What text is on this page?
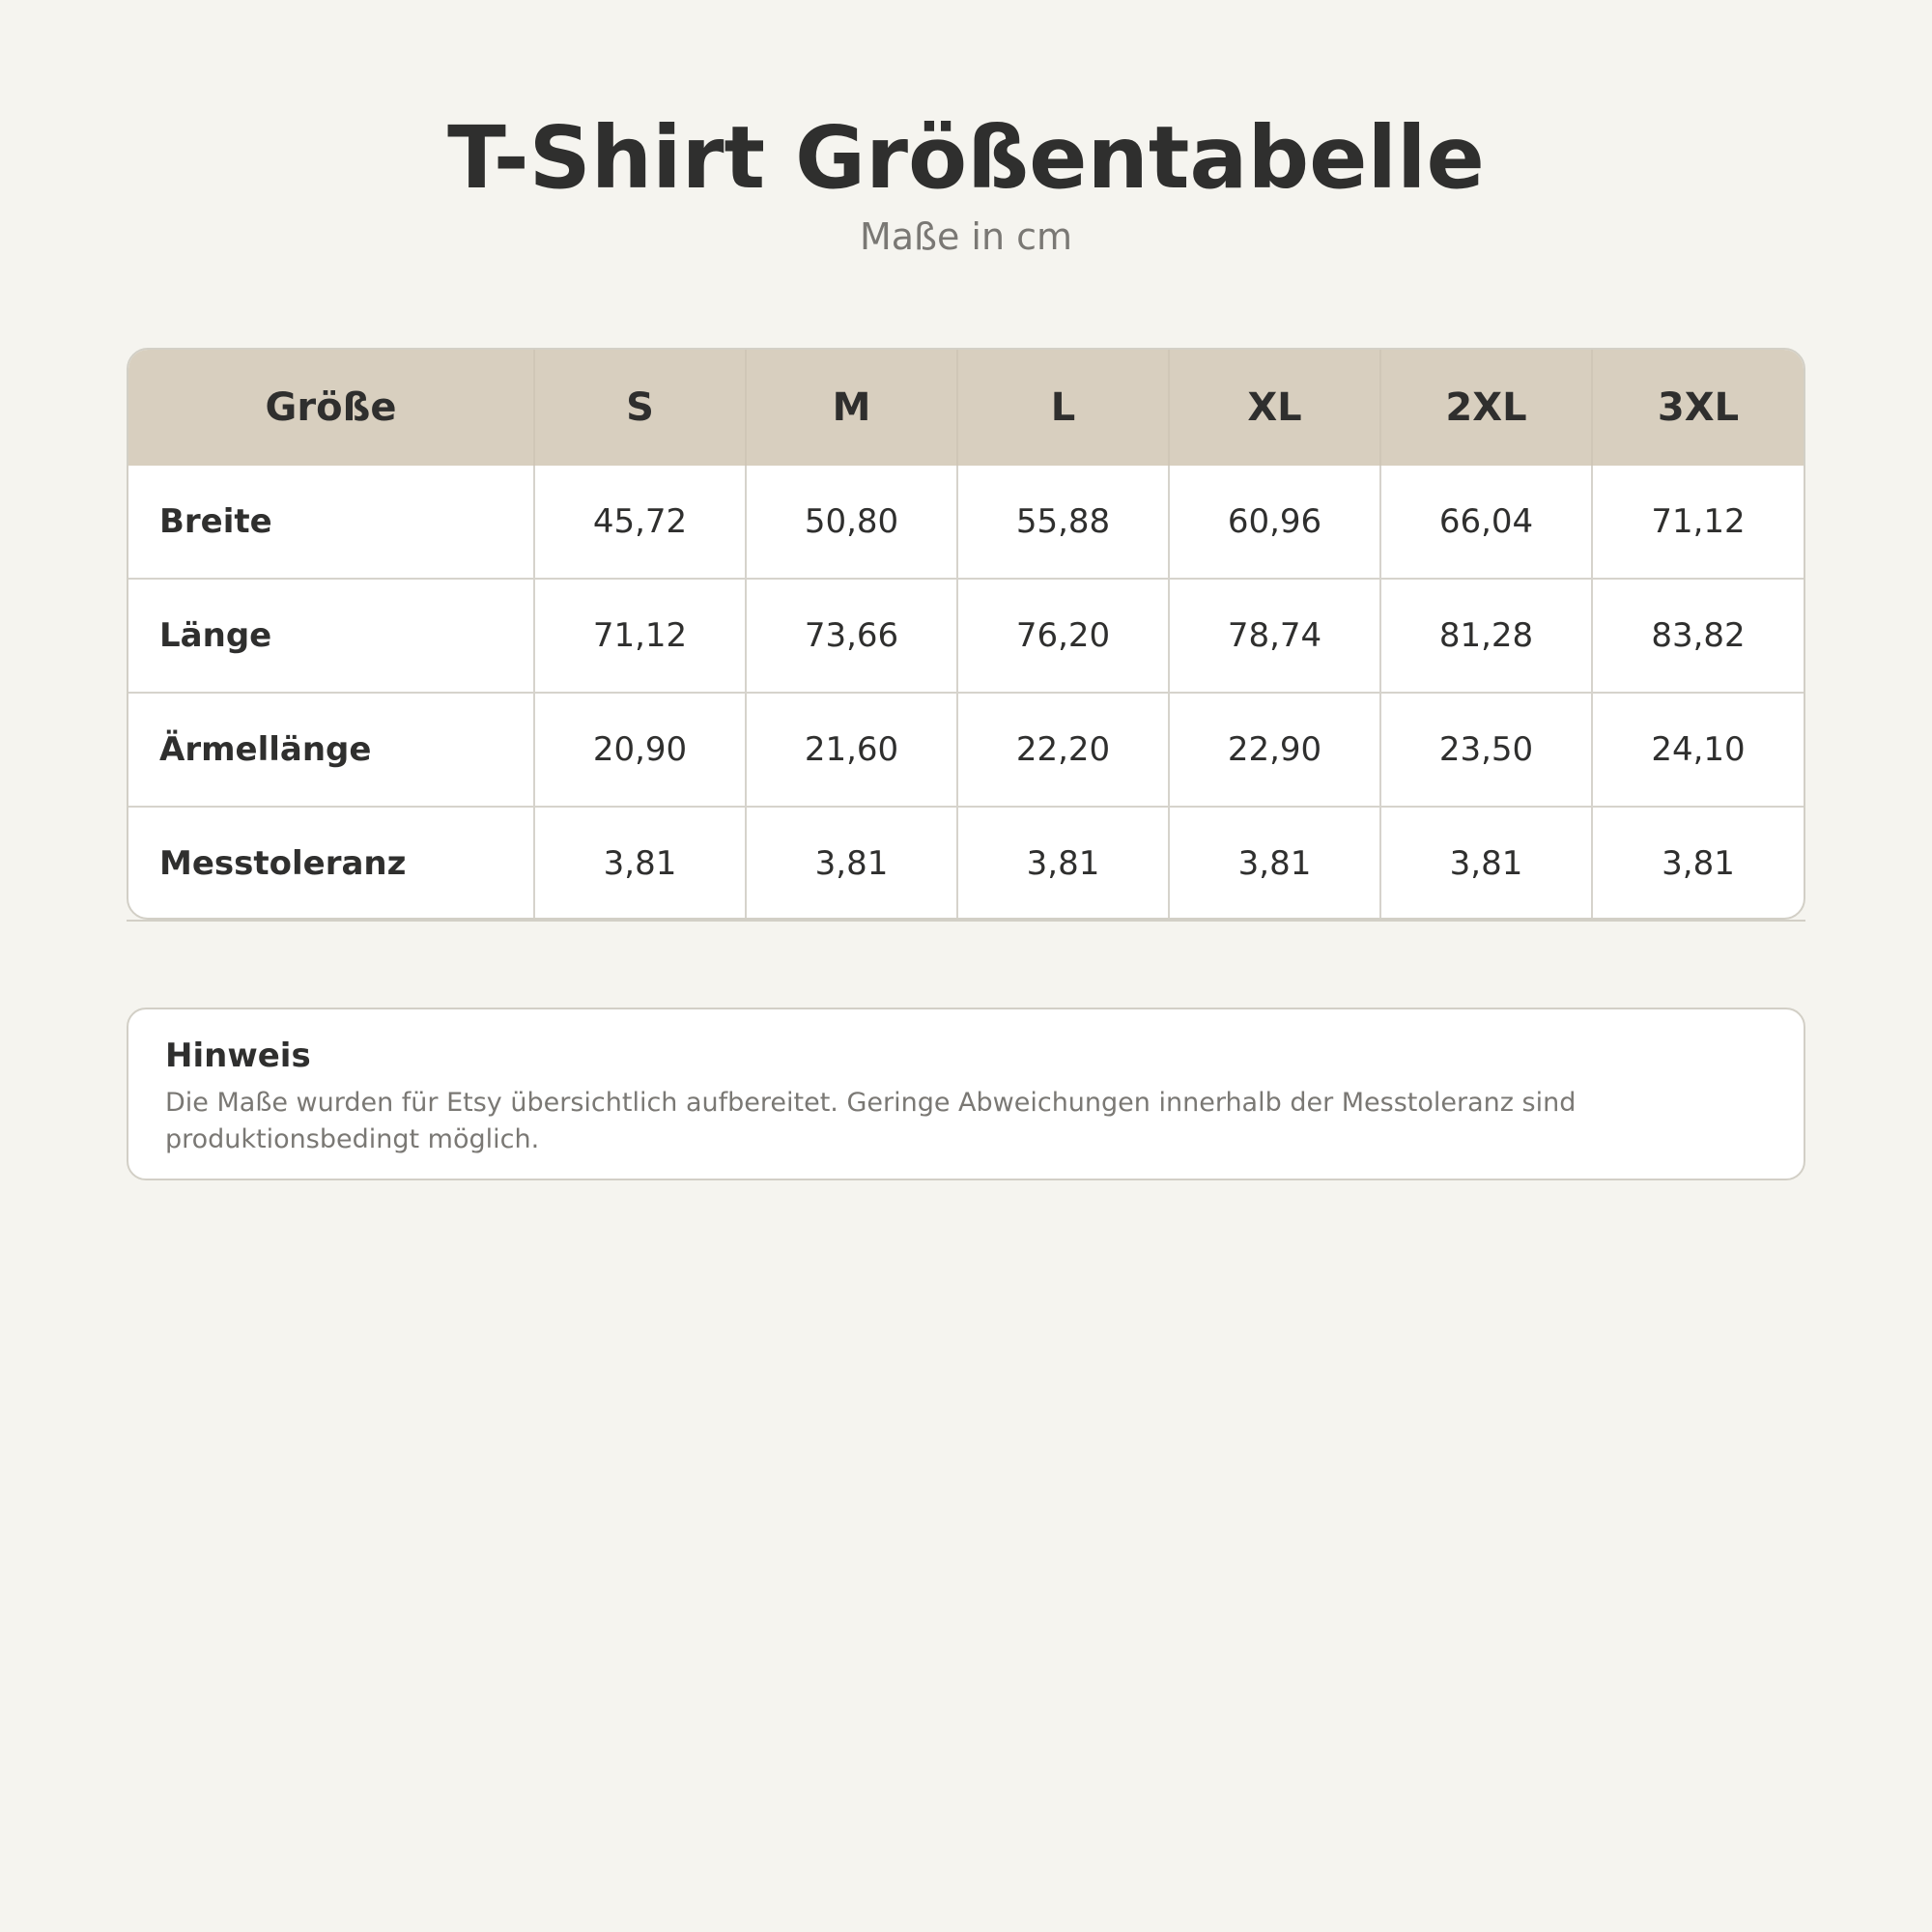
T-Shirt Größentabelle
Maße in cm
Größe	S	M	L	XL	2XL	3XL
Breite	45,72	50,80	55,88	60,96	66,04	71,12
Länge	71,12	73,66	76,20	78,74	81,28	83,82
Ärmellänge	20,90	21,60	22,20	22,90	23,50	24,10
Messtoleranz	3,81	3,81	3,81	3,81	3,81	3,81
Hinweis

Die Maße wurden für Etsy übersichtlich aufbereitet. Geringe Abweichungen innerhalb der Messtoleranz sind produktionsbedingt möglich.
